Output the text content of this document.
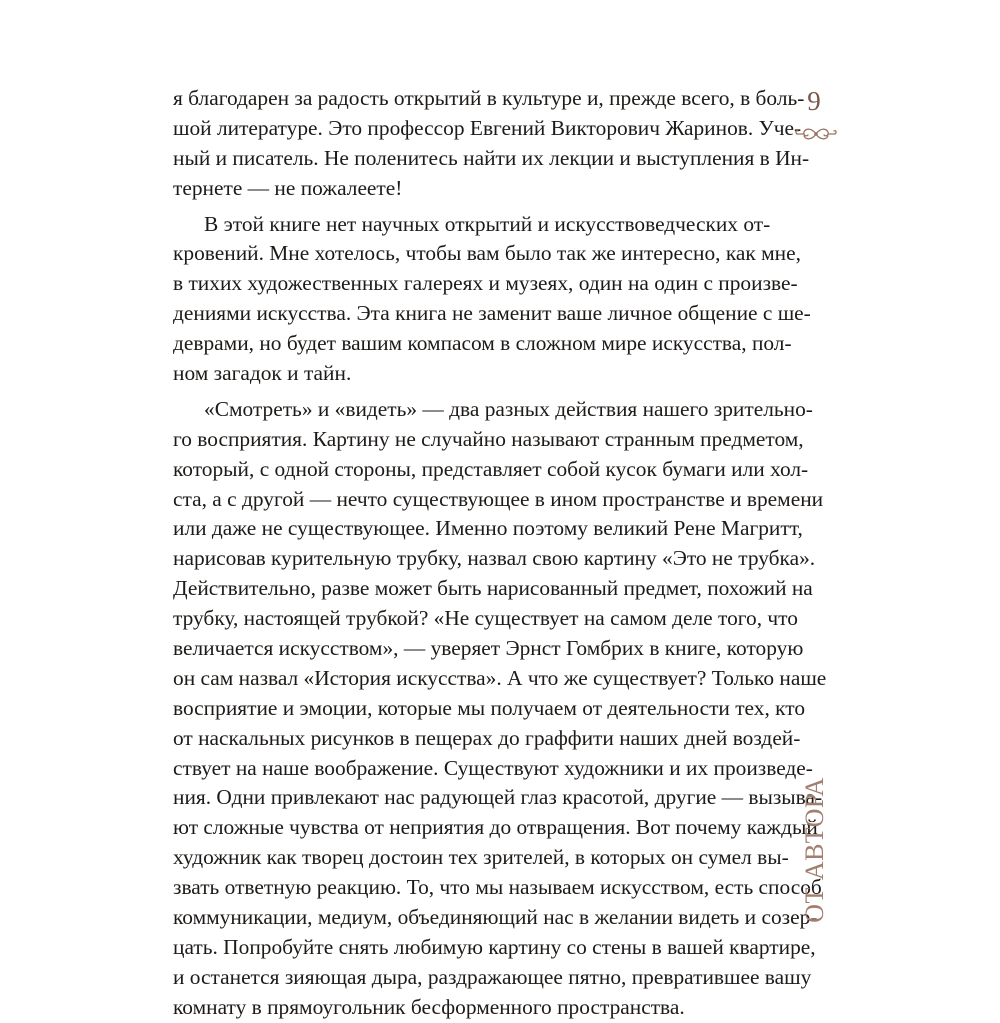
я благодарен за радость открытий в культуре и, прежде всего, в боль-
шой литературе. Это профессор Евгений Викторович Жаринов. Уче-
ный и писатель. Не поленитесь найти их лекции и выступления в Ин-
тернете — не пожалеете!
В этой книге нет научных открытий и искусствоведческих от-
кровений. Мне хотелось, чтобы вам было так же интересно, как мне,
в тихих художественных галереях и музеях, один на один с произве-
дениями искусства. Эта книга не заменит ваше личное общение с ше-
деврами, но будет вашим компасом в сложном мире искусства, пол-
ном загадок и тайн.
«Смотреть» и «видеть» — два разных действия нашего зрительно-
го восприятия. Картину не случайно называют странным предметом,
который, с одной стороны, представляет собой кусок бумаги или хол-
ста, а с другой — нечто существующее в ином пространстве и времени
или даже не существующее. Именно поэтому великий Рене Магритт,
нарисовав курительную трубку, назвал свою картину «Это не трубка».
Действительно, разве может быть нарисованный предмет, похожий на
трубку, настоящей трубкой? «Не существует на самом деле того, что
величается искусством», — уверяет Эрнст Гомбрих в книге, которую
он сам назвал «История искусства». А что же существует? Только наше
восприятие и эмоции, которые мы получаем от деятельности тех, кто
от наскальных рисунков в пещерах до граффити наших дней воздей-
ствует на наше воображение. Существуют художники и их произведе-
ния. Одни привлекают нас радующей глаз красотой, другие — вызыва-
ют сложные чувства от неприятия до отвращения. Вот почему каждый
художник как творец достоин тех зрителей, в которых он сумел вы-
звать ответную реакцию. То, что мы называем искусством, есть способ
коммуникации, медиум, объединяющий нас в желании видеть и созер-
цать. Попробуйте снять любимую картину со стены в вашей квартире,
и останется зияющая дыра, раздражающее пятно, превратившее вашу
комнату в прямоугольник бесформенного пространства.
9
ОТ АВТОРА
